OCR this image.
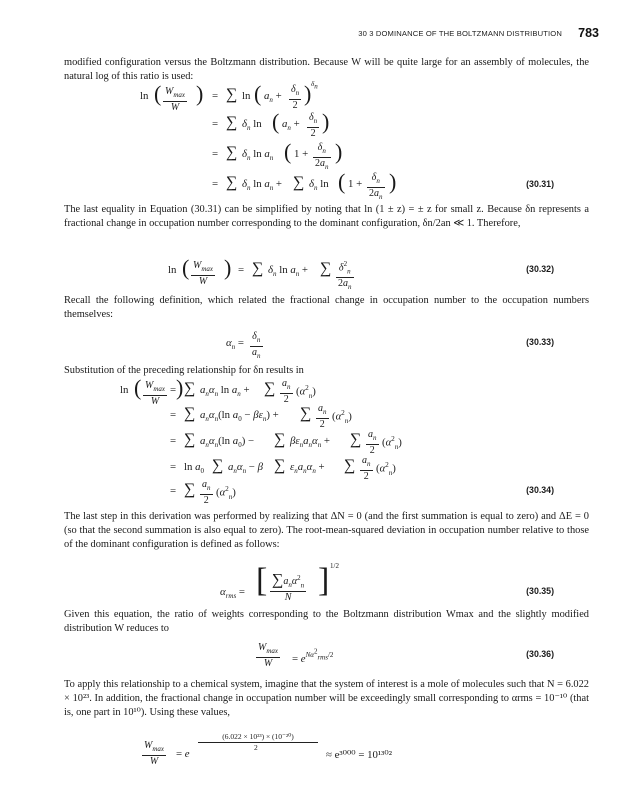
30 3 DOMINANCE OF THE BOLTZMANN DISTRIBUTION 783
modified configuration versus the Boltzmann distribution. Because W will be quite large for an assembly of molecules, the natural log of this ratio is used:
ln ( $W_{max}$
W
) = ∑ ln ( $a_n + \frac{\delta_n}{2}$ ) $\delta_n$
= ∑ $\delta_n$ ln ( $a_n + \frac{\delta_n}{2}$ )
= ∑ $\delta_n$ $\ln a_n$ ( $1 + \frac{\delta_n}{2a_n}$ )
= ∑ $\delta_n$ $\ln a_n$ + ∑ $\delta_n$ ln ( $1 + \frac{\delta_n}{2a_n}$ )	(30.31)
The last equality in Equation (30.31) can be simplified by noting that ln (1 ± z) = ± z for small z. Because δn represents a fractional change in occupation number corresponding to the dominant configuration, δn/2an ≪ 1. Therefore,
ln ( $W_{max}$
W
) = ∑ $\delta_n$ $\ln a_n$ + ∑ $\frac{\delta^2_n}{2a_n}$	(30.32)
Recall the following definition, which related the fractional change in occupation number to the occupation numbers themselves:
$\alpha_n = \frac{\delta_n}{a_n}$	(30.33)
Substitution of the preceding relationship for δn results in
ln ( $W_{max}$
W
)
= ∑ $a_n\alpha_n$ $\ln a_n$ + ∑ $\frac{a_n}{2} (\alpha^2_n)$
= ∑ $a_n\alpha_n(\ln$ $a_0 - \beta\varepsilon_n$) + ∑ $\frac{a_n}{2} (\alpha^2_n)$
= ∑ $a_n\alpha_n(\ln$ $a_0$) − ∑ $\beta\varepsilon_na_n\alpha_n$ + ∑ $\frac{a_n}{2} (\alpha^2_n)$
= $\ln a_0$ ∑ $a_n\alpha_n - \beta$ ∑ $\varepsilon_na_n\alpha_n$ + ∑ $\frac{a_n}{2} (\alpha^2_n)$
= ∑ $\frac{a_n}{2} (\alpha^2_n)$	(30.34)
The last step in this derivation was performed by realizing that ΔN = 0 (and the first summation is equal to zero) and ΔE = 0 (so that the second summation is also equal to zero). The root-mean-squared deviation in occupation number relative to those of the dominant configuration is defined as follows:
$\alpha_{rms}$ = [ $\sum a_n\alpha^2_n$
N ] 1/2
(30.35)
Given this equation, the ratio of weights corresponding to the Boltzmann distribution Wmax and the slightly modified distribution W reduces to
$W_{max}$
W	= $e^{N\alpha^2_{rms}/2}$	(30.36)
To apply this relationship to a chemical system, imagine that the system of interest is a mole of molecules such that N = 6.022 × 10²³. In addition, the fractional change in occupation number will be exceedingly small corresponding to αrms = 10⁻¹⁰ (that is, one part in 10¹⁰). Using these values,
$W_{max}$
W
= e
(6.022 × 10²³) × (10⁻²⁰)
2
≈ e³⁰⁰⁰ = 10¹³⁰²
